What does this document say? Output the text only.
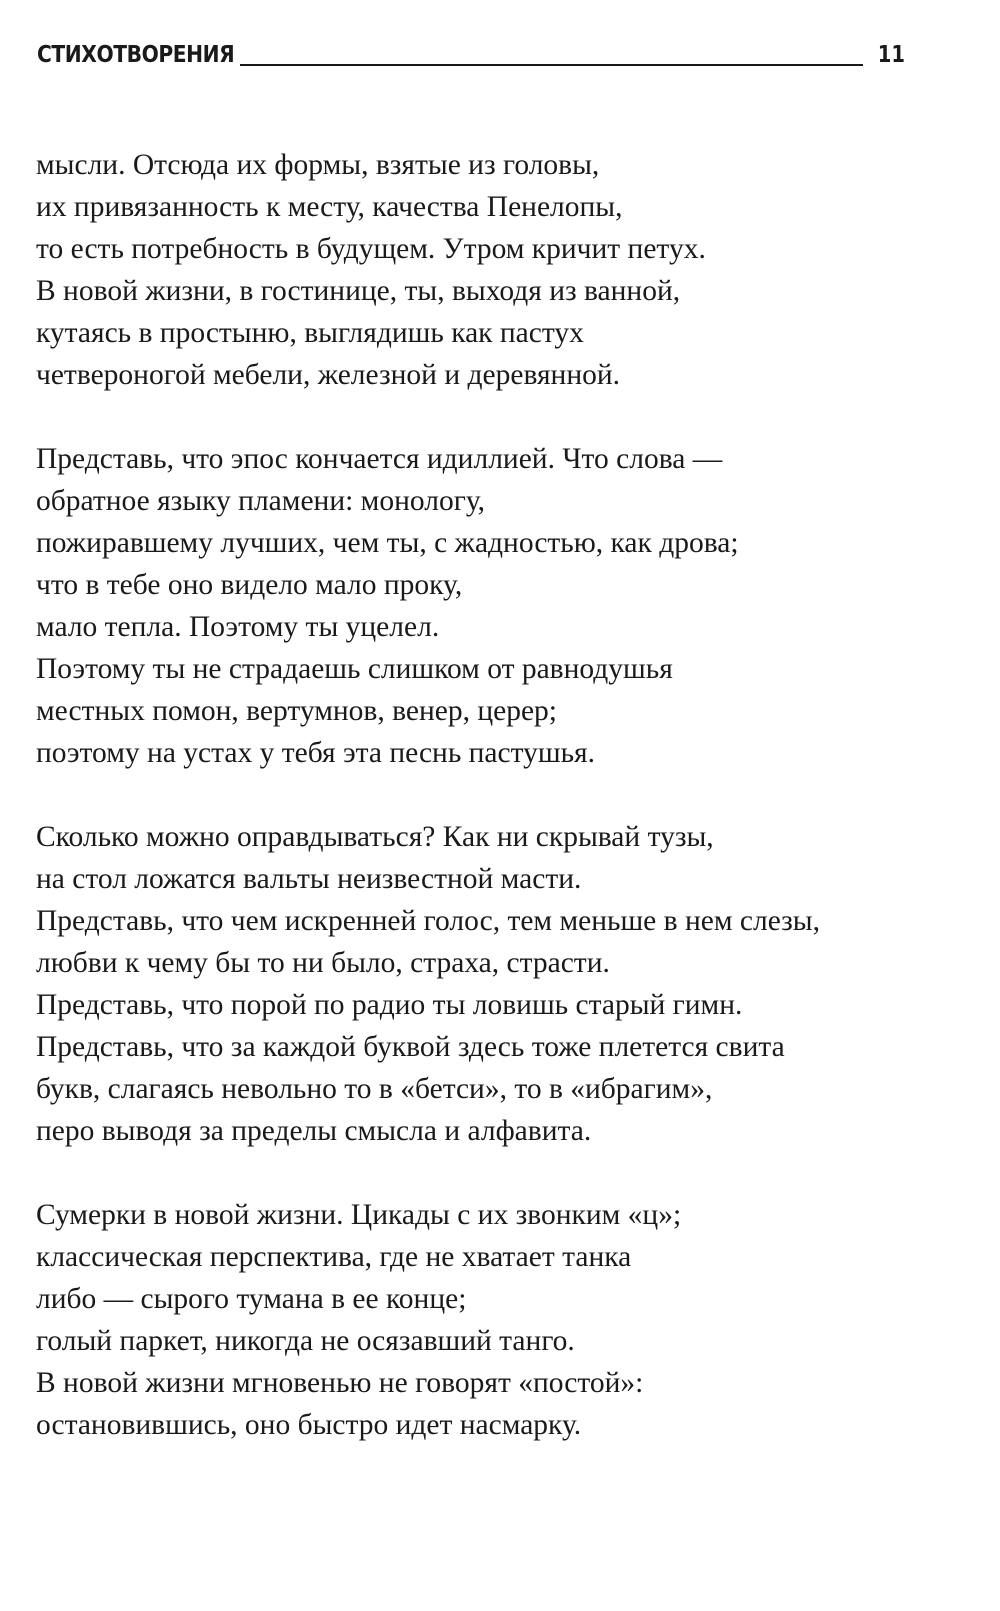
СТИХОТВОРЕНИЯ	11
мысли. Отсюда их формы, взятые из головы,
их привязанность к месту, качества Пенелопы,
то есть потребность в будущем. Утром кричит петух.
В новой жизни, в гостинице, ты, выходя из ванной,
кутаясь в простыню, выглядишь как пастух
четвероногой мебели, железной и деревянной.
Представь, что эпос кончается идиллией. Что слова —
обратное языку пламени: монологу,
пожиравшему лучших, чем ты, с жадностью, как дрова;
что в тебе оно видело мало проку,
мало тепла. Поэтому ты уцелел.
Поэтому ты не страдаешь слишком от равнодушья
местных помон, вертумнов, венер, церер;
поэтому на устах у тебя эта песнь пастушья.
Сколько можно оправдываться? Как ни скрывай тузы,
на стол ложатся вальты неизвестной масти.
Представь, что чем искренней голос, тем меньше в нем слезы,
любви к чему бы то ни было, страха, страсти.
Представь, что порой по радио ты ловишь старый гимн.
Представь, что за каждой буквой здесь тоже плетется свита
букв, слагаясь невольно то в «бетси», то в «ибрагим»,
перо выводя за пределы смысла и алфавита.
Сумерки в новой жизни. Цикады с их звонким «ц»;
классическая перспектива, где не хватает танка
либо — сырого тумана в ее конце;
голый паркет, никогда не осязавший танго.
В новой жизни мгновенью не говорят «постой»:
остановившись, оно быстро идет насмарку.
